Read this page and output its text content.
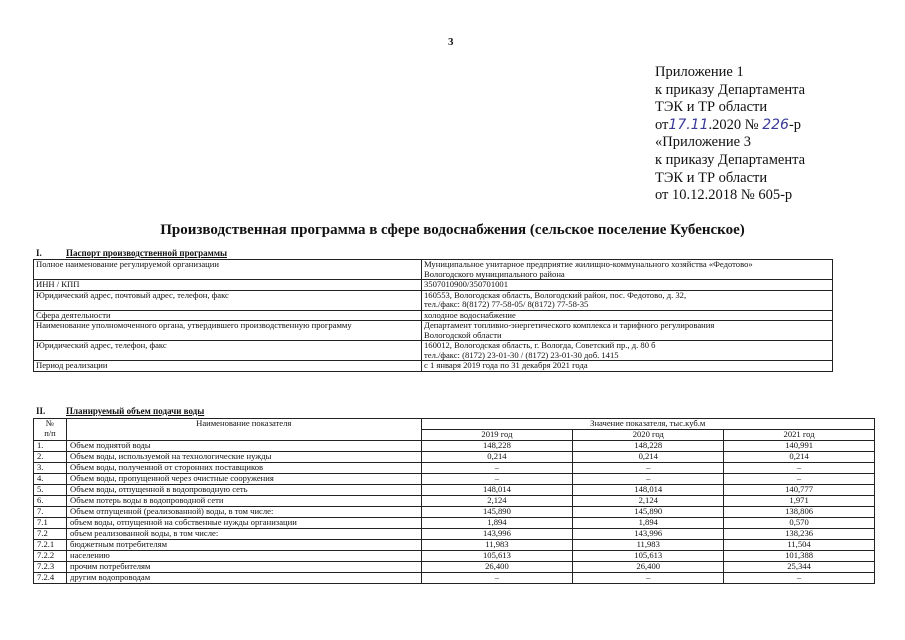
3
Приложение 1
к приказу Департамента
ТЭК и ТР области
от17.11.2020 № 226-р
«Приложение 3
к приказу Департамента
ТЭК и ТР области
от 10.12.2018 № 605-р
Производственная программа в сфере водоснабжения (сельское поселение Кубенское)
I.	Паспорт производственной программы
Полное наименование регулируемой организации	Муниципальное унитарное предприятие жилищно-коммунального хозяйства «Федотово»
Вологодского муниципального района

ИНН / КПП	3507010900/350701001

Юридический адрес, почтовый адрес, телефон, факс	160553, Вологодская область, Вологодский район, пос. Федотово, д. 32,
тел./факс: 8(8172) 77-58-05/ 8(8172) 77-58-35

Сфера деятельности	холодное водоснабжение

Наименование уполномоченного органа, утвердившего производственную программу	Департамент топливно-энергетического комплекса и тарифного регулирования
Вологодской области

Юридический адрес, телефон, факс	160012, Вологодская область, г. Вологда, Советский пр., д. 80 б
тел./факс: (8172) 23-01-30 / (8172) 23-01-30 доб. 1415

Период реализации	с 1 января 2019 года по 31 декабря 2021 года
II. Планируемый объем подачи воды
№
п/п	Наименование показателя	Значение показателя, тыс.куб.м		
		2019 год	2020 год	2021 год
1.	Объем поднятой воды	148,228	148,228	140,991
2.	Объем воды, используемой на технологические нужды	0,214	0,214	0,214
3.	Объем воды, полученной от сторонних поставщиков	–	–	–
4.	Объем воды, пропущенной через очистные сооружения	–	–	–
5.	Объем воды, отпущенной в водопроводную сеть	148,014	148,014	140,777
6.	Объем потерь воды в водопроводной сети	2,124	2,124	1,971
7.	Объем отпущенной (реализованной) воды, в том числе:	145,890	145,890	138,806
7.1	объем воды, отпущенной на собственные нужды организации	1,894	1,894	0,570
7.2	объем реализованной воды, в том числе:	143,996	143,996	138,236
7.2.1	бюджетным потребителям	11,983	11,983	11,504
7.2.2	населению	105,613	105,613	101,388
7.2.3	прочим потребителям	26,400	26,400	25,344
7.2.4	другим водопроводам	–	–	–
